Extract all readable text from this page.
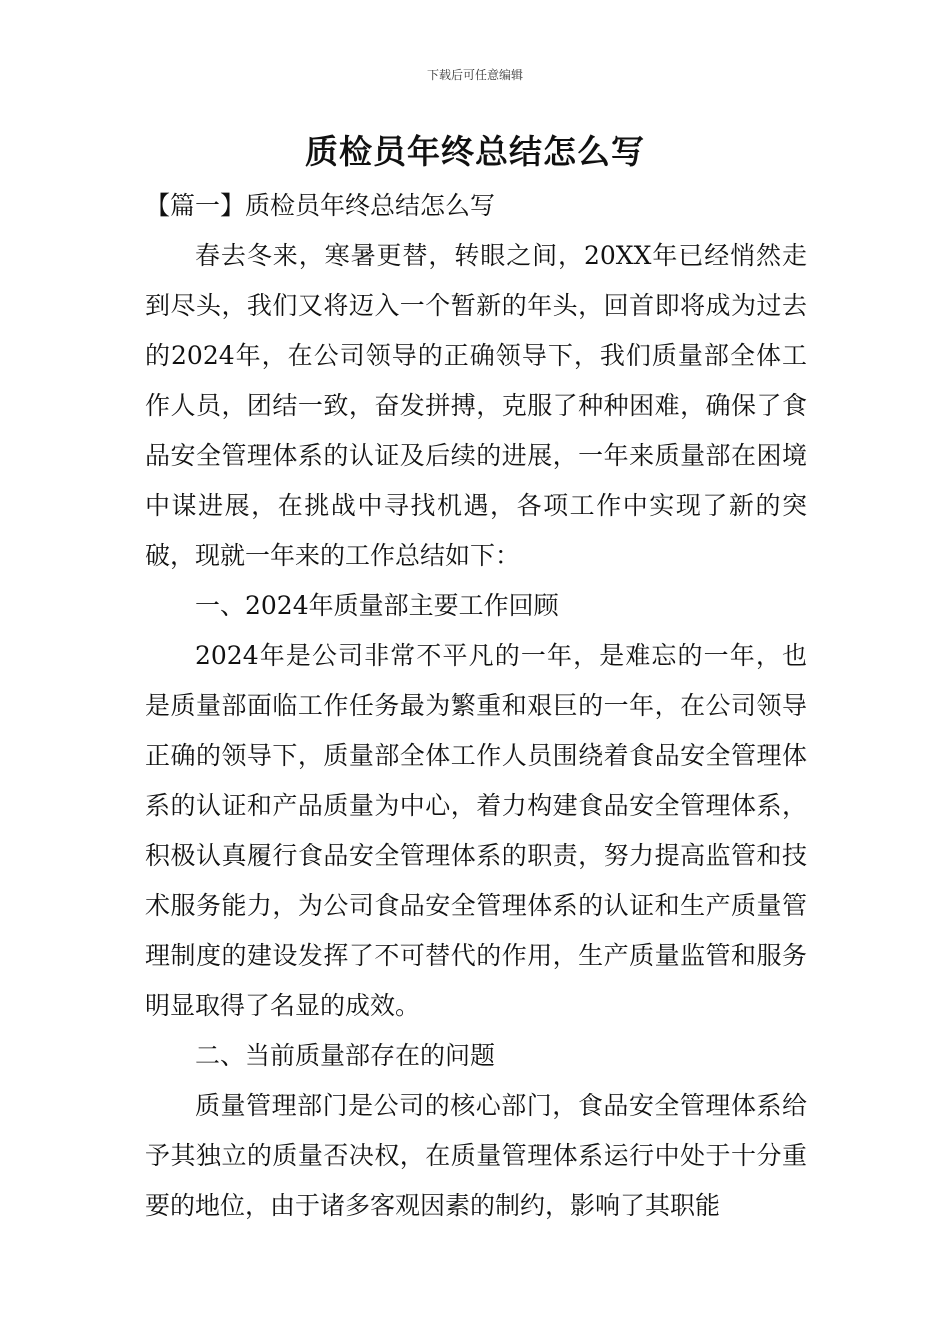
下载后可任意编辑
质检员年终总结怎么写

【篇一】质检员年终总结怎么写

春去冬来，寒暑更替，转眼之间，20XX年已经悄然走到尽头，我们又将迈入一个暂新的年头，回首即将成为过去的2024年，在公司领导的正确领导下，我们质量部全体工作人员，团结一致，奋发拼搏，克服了种种困难，确保了食品安全管理体系的认证及后续的进展，一年来质量部在困境中谋进展，在挑战中寻找机遇，各项工作中实现了新的突破，现就一年来的工作总结如下：

一、2024年质量部主要工作回顾

2024年是公司非常不平凡的一年，是难忘的一年，也是质量部面临工作任务最为繁重和艰巨的一年，在公司领导正确的领导下，质量部全体工作人员围绕着食品安全管理体系的认证和产品质量为中心，着力构建食品安全管理体系，积极认真履行食品安全管理体系的职责，努力提高监管和技术服务能力，为公司食品安全管理体系的认证和生产质量管理制度的建设发挥了不可替代的作用，生产质量监管和服务明显取得了名显的成效。

二、当前质量部存在的问题

质量管理部门是公司的核心部门，食品安全管理体系给予其独立的质量否决权，在质量管理体系运行中处于十分重要的地位，由于诸多客观因素的制约，影响了其职能
